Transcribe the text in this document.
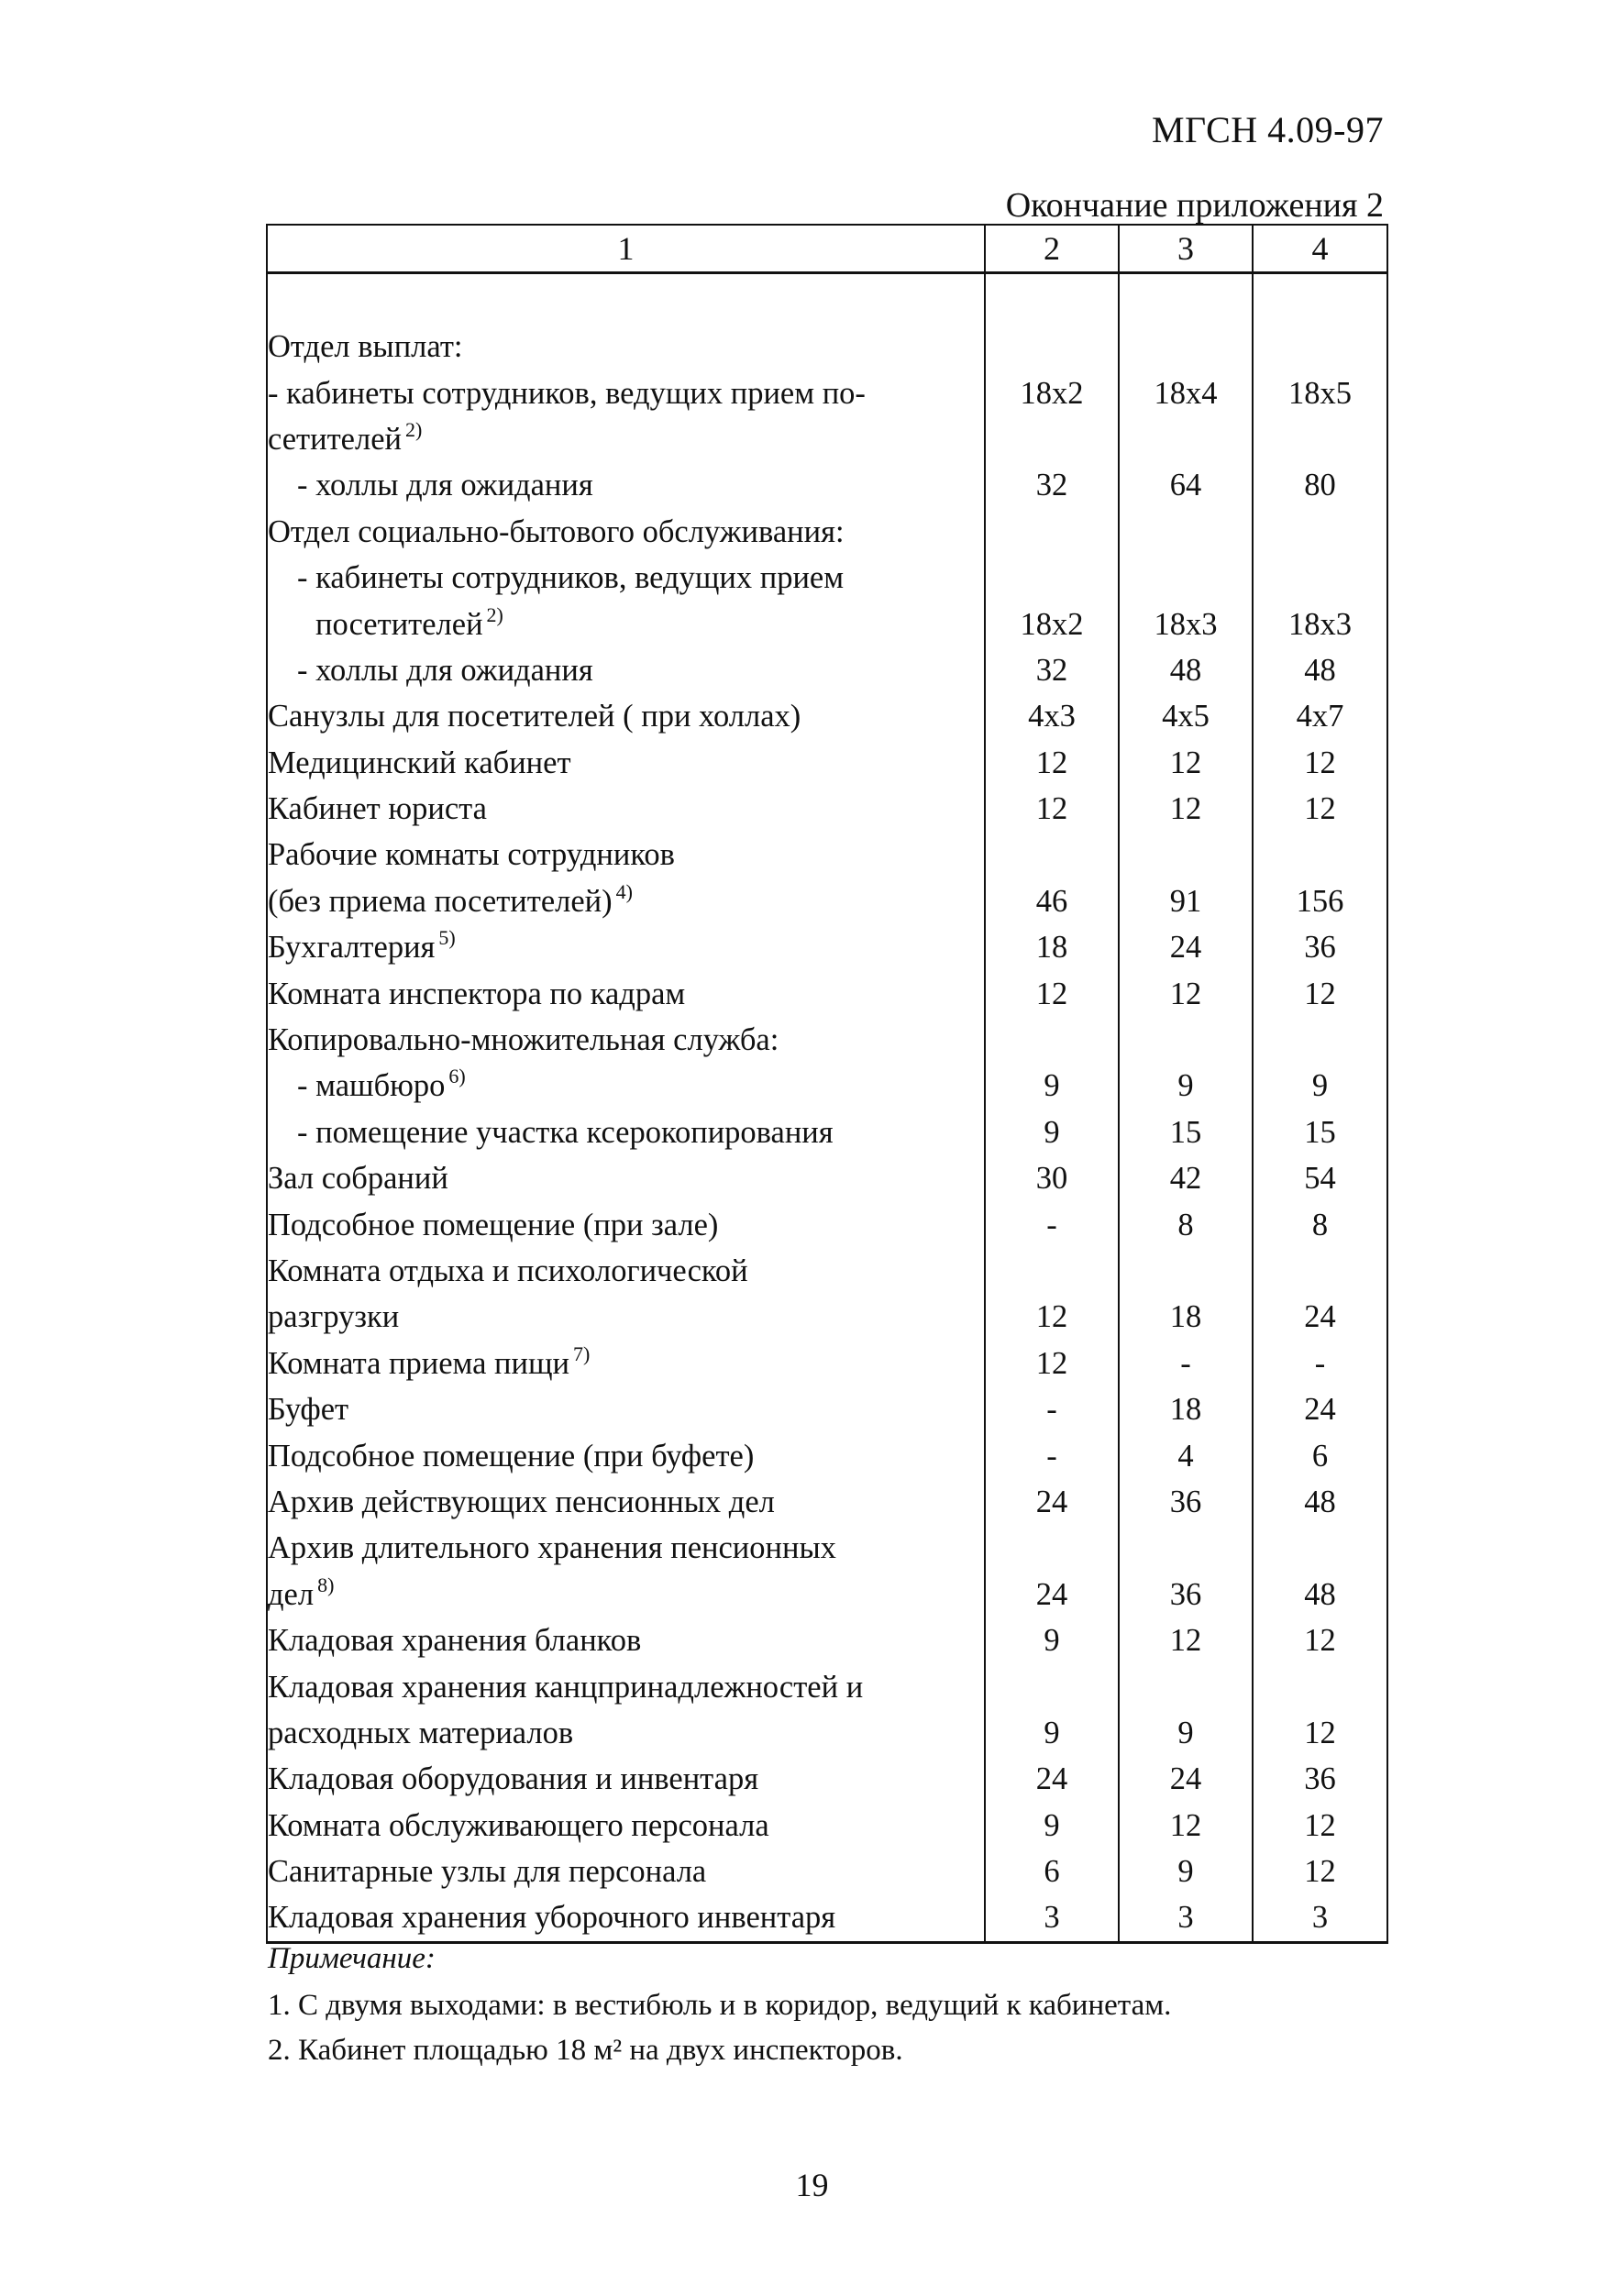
МГСН 4.09-97
Окончание приложения 2
1	2	3	4

Отдел выплат:			
- кабинеты сотрудников, ведущих прием по-	18х2	18х4	18х5
сетителей $^{2)}$			
- холлы для ожидания	32	64	80
Отдел социально-бытового обслуживания:			
- кабинеты сотрудников, ведущих прием			
посетителей $^{2)}$	18х2	18х3	18х3
- холлы для ожидания	32	48	48
Санузлы для посетителей ( при холлах)	4х3	4х5	4х7
Медицинский кабинет	12	12	12
Кабинет юриста	12	12	12
Рабочие комнаты сотрудников			
(без приема посетителей) $^{4)}$	46	91	156
Бухгалтерия $^{5)}$	18	24	36
Комната инспектора по кадрам	12	12	12
Копировально-множительная служба:			
- машбюро $^{6)}$	9	9	9
- помещение участка ксерокопирования	9	15	15
Зал собраний	30	42	54
Подсобное помещение (при зале)	-	8	8
Комната отдыха и психологической			
разгрузки	12	18	24
Комната приема пищи $^{7)}$	12	-	-
Буфет	-	18	24
Подсобное помещение (при буфете)	-	4	6
Архив действующих пенсионных дел	24	36	48
Архив длительного хранения пенсионных			
дел $^{8)}$	24	36	48
Кладовая хранения бланков	9	12	12
Кладовая хранения канцпринадлежностей и			
расходных материалов	9	9	12
Кладовая оборудования и инвентаря	24	24	36
Комната обслуживающего персонала	9	12	12
Санитарные узлы для персонала	6	9	12
Кладовая хранения уборочного инвентаря	3	3	3
Примечание:
1. С двумя выходами: в вестибюль и в коридор, ведущий к кабинетам.
2. Кабинет площадью 18 м² на двух инспекторов.
19
